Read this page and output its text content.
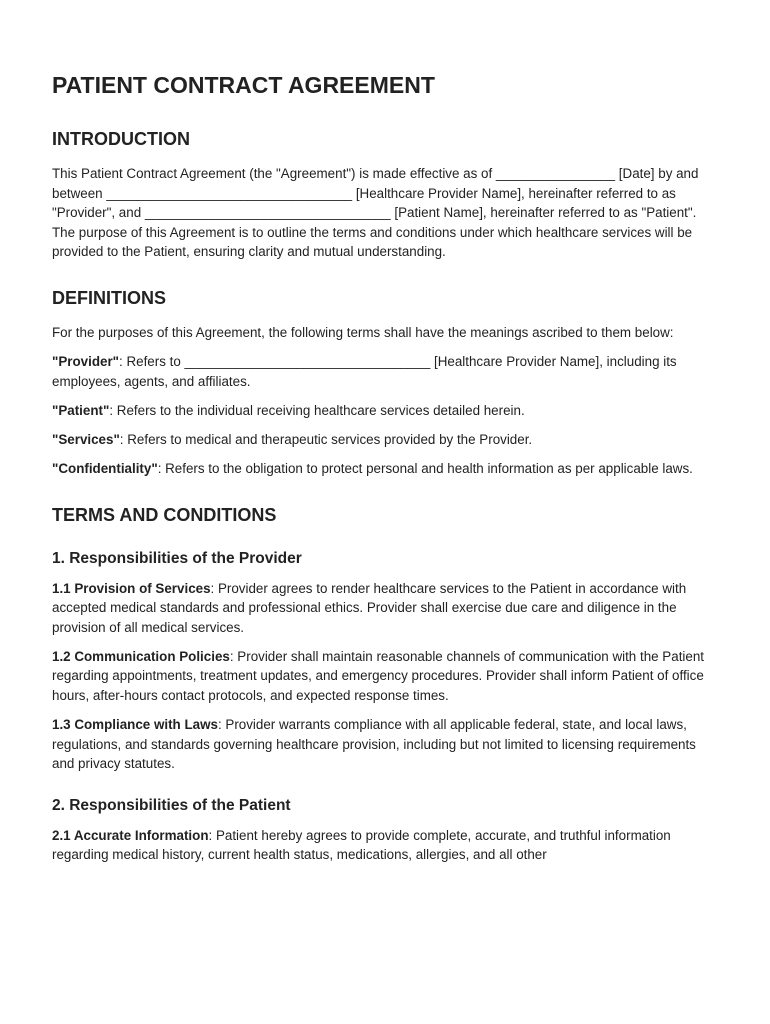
PATIENT CONTRACT AGREEMENT
INTRODUCTION

This Patient Contract Agreement (the "Agreement") is made effective as of ________________ [Date] by and between _________________________________ [Healthcare Provider Name], hereinafter referred to as "Provider", and _________________________________ [Patient Name], hereinafter referred to as "Patient". The purpose of this Agreement is to outline the terms and conditions under which healthcare services will be provided to the Patient, ensuring clarity and mutual understanding.

DEFINITIONS

For the purposes of this Agreement, the following terms shall have the meanings ascribed to them below:

"Provider": Refers to _________________________________ [Healthcare Provider Name], including its employees, agents, and affiliates.

"Patient": Refers to the individual receiving healthcare services detailed herein.

"Services": Refers to medical and therapeutic services provided by the Provider.

"Confidentiality": Refers to the obligation to protect personal and health information as per applicable laws.

TERMS AND CONDITIONS
1. Responsibilities of the Provider

1.1 Provision of Services: Provider agrees to render healthcare services to the Patient in accordance with accepted medical standards and professional ethics. Provider shall exercise due care and diligence in the provision of all medical services.

1.2 Communication Policies: Provider shall maintain reasonable channels of communication with the Patient regarding appointments, treatment updates, and emergency procedures. Provider shall inform Patient of office hours, after-hours contact protocols, and expected response times.

1.3 Compliance with Laws: Provider warrants compliance with all applicable federal, state, and local laws, regulations, and standards governing healthcare provision, including but not limited to licensing requirements and privacy statutes.

2. Responsibilities of the Patient

2.1 Accurate Information: Patient hereby agrees to provide complete, accurate, and truthful information regarding medical history, current health status, medications, allergies, and all other
